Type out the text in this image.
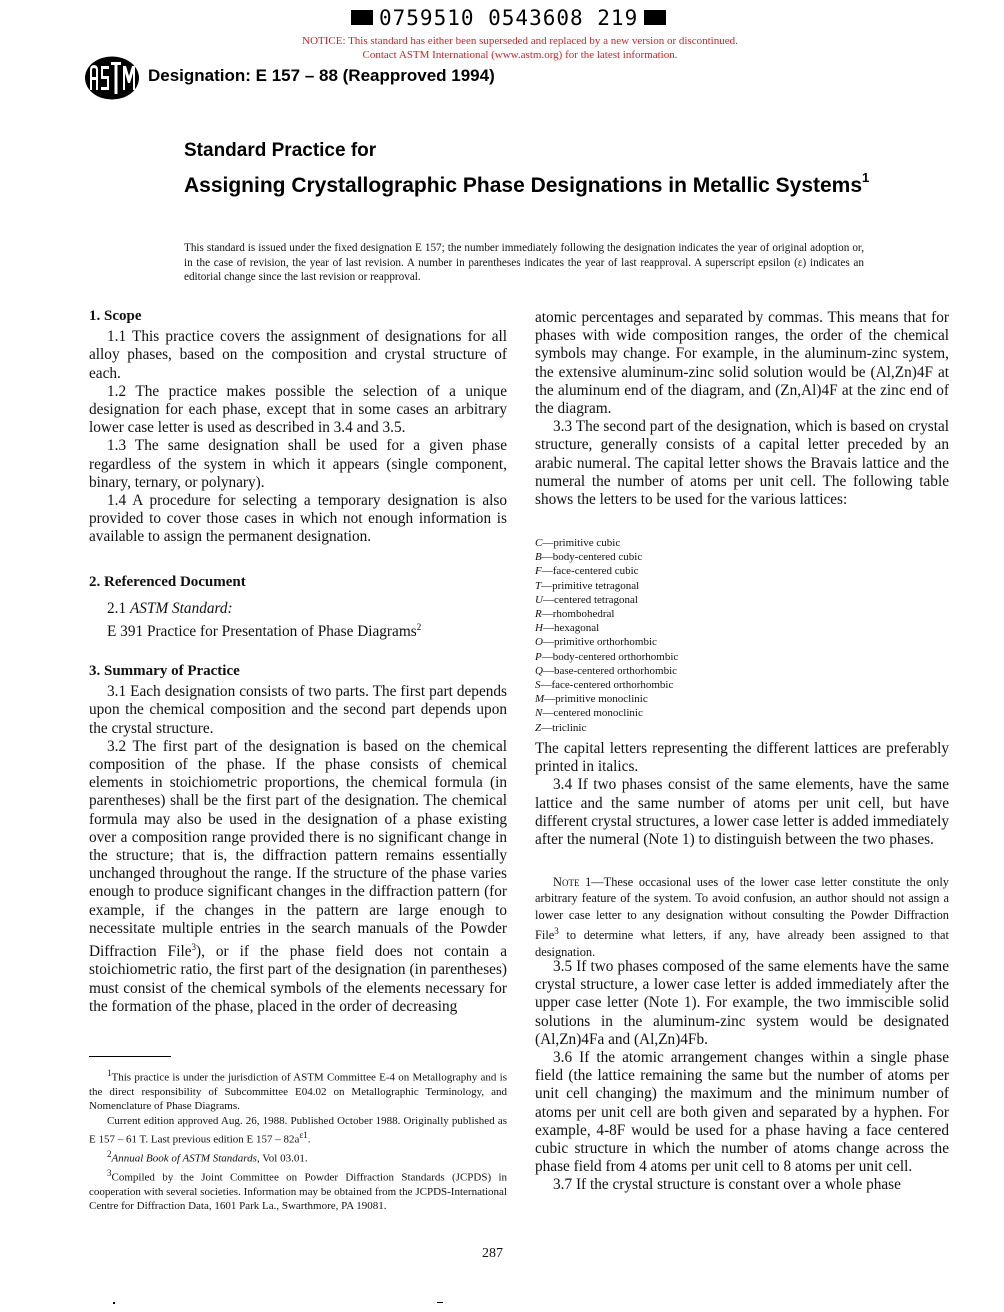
0759510 0543608 219
NOTICE: This standard has either been superseded and replaced by a new version or discontinued.
Contact ASTM International (www.astm.org) for the latest information.
Designation: E 157 – 88 (Reapproved 1994)
Standard Practice for
Assigning Crystallographic Phase Designations in Metallic Systems$^1$
This standard is issued under the fixed designation E 157; the number immediately following the designation indicates the year of original adoption or, in the case of revision, the year of last revision. A number in parentheses indicates the year of last reapproval. A superscript epsilon (ε) indicates an editorial change since the last revision or reapproval.
1. Scope

1.1 This practice covers the assignment of designations for all alloy phases, based on the composition and crystal structure of each.

1.2 The practice makes possible the selection of a unique designation for each phase, except that in some cases an arbitrary lower case letter is used as described in 3.4 and 3.5.

1.3 The same designation shall be used for a given phase regardless of the system in which it appears (single component, binary, ternary, or polynary).

1.4 A procedure for selecting a temporary designation is also provided to cover those cases in which not enough information is available to assign the permanent designation.

2. Referenced Document

2.1 ASTM Standard:

E 391 Practice for Presentation of Phase Diagrams$^2$

3. Summary of Practice

3.1 Each designation consists of two parts. The first part depends upon the chemical composition and the second part depends upon the crystal structure.

3.2 The first part of the designation is based on the chemical composition of the phase. If the phase consists of chemical elements in stoichiometric proportions, the chemical formula (in parentheses) shall be the first part of the designation. The chemical formula may also be used in the designation of a phase existing over a composition range provided there is no significant change in the structure; that is, the diffraction pattern remains essentially unchanged throughout the range. If the structure of the phase varies enough to produce significant changes in the diffraction pattern (for example, if the changes in the pattern are large enough to necessitate multiple entries in the search manuals of the Powder Diffraction File$^3$), or if the phase field does not contain a stoichiometric ratio, the first part of the designation (in parentheses) must consist of the chemical symbols of the elements necessary for the formation of the phase, placed in the order of decreasing

$^1$This practice is under the jurisdiction of ASTM Committee E-4 on Metallography and is the direct responsibility of Subcommittee E04.02 on Metallographic Terminology, and Nomenclature of Phase Diagrams.

Current edition approved Aug. 26, 1988. Published October 1988. Originally published as E 157 – 61 T. Last previous edition E $157 - 82a^{\varepsilon 1}$.

$^2$Annual Book of ASTM Standards, Vol 03.01.

$^3$Compiled by the Joint Committee on Powder Diffraction Standards (JCPDS) in cooperation with several societies. Information may be obtained from the JCPDS-International Centre for Diffraction Data, 1601 Park La., Swarthmore, PA 19081.

atomic percentages and separated by commas. This means that for phases with wide composition ranges, the order of the chemical symbols may change. For example, in the aluminum-zinc system, the extensive aluminum-zinc solid solution would be (Al,Zn)4F at the aluminum end of the diagram, and (Zn,Al)4F at the zinc end of the diagram.

3.3 The second part of the designation, which is based on crystal structure, generally consists of a capital letter preceded by an arabic numeral. The capital letter shows the Bravais lattice and the numeral the number of atoms per unit cell. The following table shows the letters to be used for the various lattices:

C—primitive cubic
B—body-centered cubic
F—face-centered cubic
T—primitive tetragonal
U—centered tetragonal
R—rhombohedral
H—hexagonal
O—primitive orthorhombic
P—body-centered orthorhombic
Q—base-centered orthorhombic
S—face-centered orthorhombic
M—primitive monoclinic
N—centered monoclinic
Z—triclinic

The capital letters representing the different lattices are preferably printed in italics.

3.4 If two phases consist of the same elements, have the same lattice and the same number of atoms per unit cell, but have different crystal structures, a lower case letter is added immediately after the numeral (Note 1) to distinguish between the two phases.

Note 1—These occasional uses of the lower case letter constitute the only arbitrary feature of the system. To avoid confusion, an author should not assign a lower case letter to any designation without consulting the Powder Diffraction File$^3$ to determine what letters, if any, have already been assigned to that designation.

3.5 If two phases composed of the same elements have the same crystal structure, a lower case letter is added immediately after the upper case letter (Note 1). For example, the two immiscible solid solutions in the aluminum-zinc system would be designated (Al,Zn)4Fa and (Al,Zn)4Fb.

3.6 If the atomic arrangement changes within a single phase field (the lattice remaining the same but the number of atoms per unit cell changing) the maximum and the minimum number of atoms per unit cell are both given and separated by a hyphen. For example, 4-8F would be used for a phase having a face centered cubic structure in which the number of atoms change across the phase field from 4 atoms per unit cell to 8 atoms per unit cell.

3.7 If the crystal structure is constant over a whole phase

287
